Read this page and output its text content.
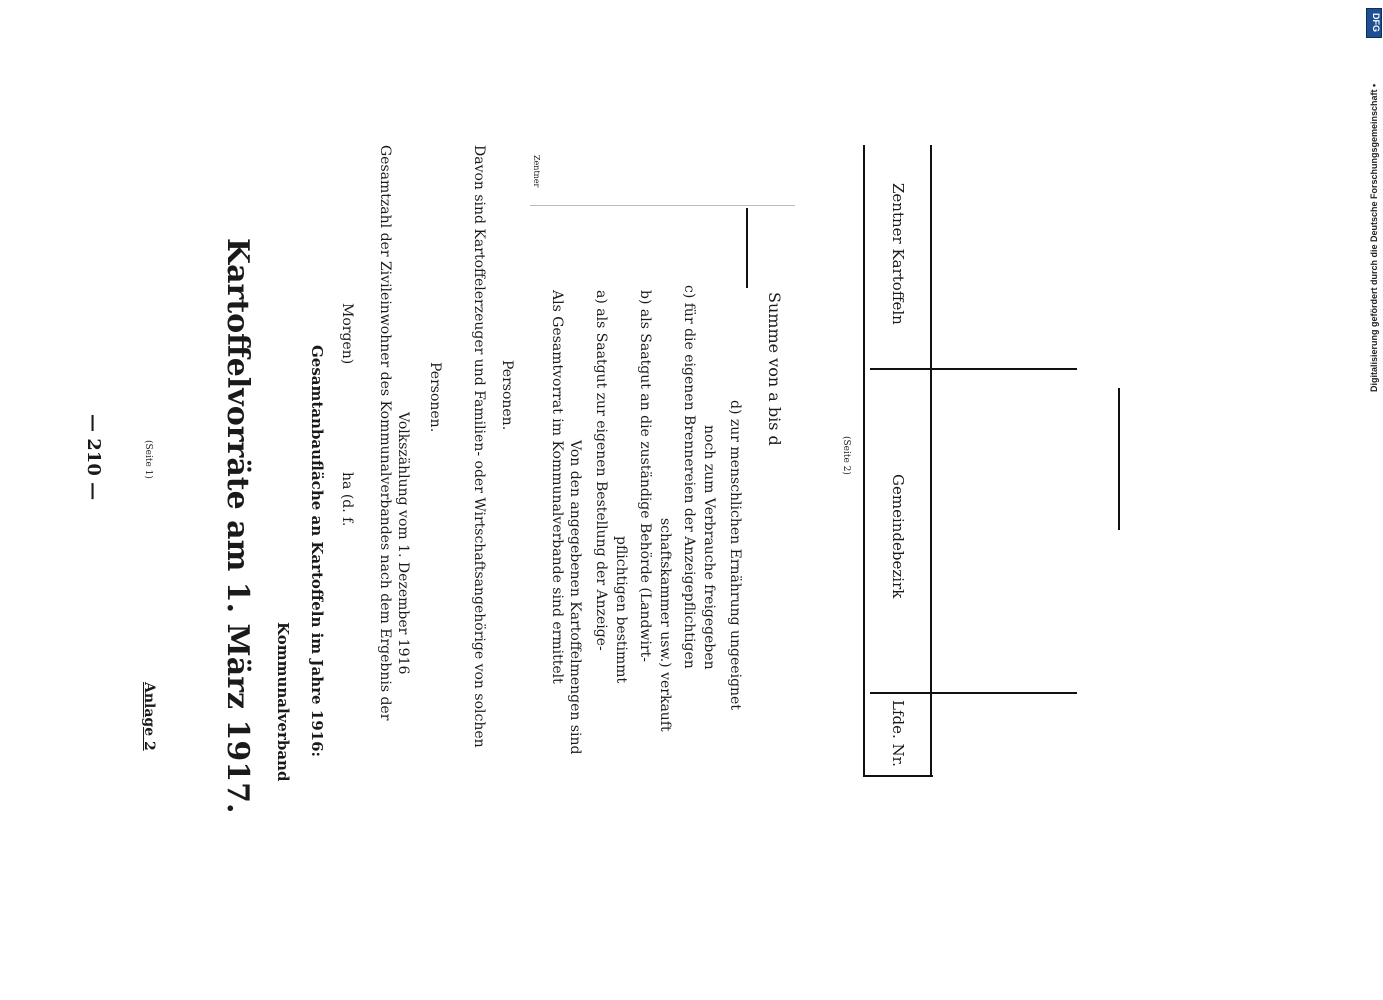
— 210 —	(Seite 1)
Anlage 2 Kartoffelvorräte am 1. März 1917. Kommunalverband Gesamtanbaufläche an Kartoffeln im Jahre 1916: ha (d. f.
Morgen) Gesamtzahl der Zivileinwohner des Kommunalverbandes nach dem Ergebnis der Volkszählung vom 1. Dezember 1916
Personen. Davon sind Kartoffelerzeuger und Familien- oder Wirtschaftsangehörige von solchen Personen.
Zentner
Als Gesamtvorrat im Kommunalverbande sind ermittelt Von den angegebenen Kartoffelmengen sind a) als Saatgut zur eigenen Bestellung der Anzeige- pflichtigen bestimmt b) als Saatgut an die zuständige Behörde (Landwirt- schaftskammer usw.) verkauft c) für die eigenen Brennereien der Anzeigepflichtigen noch zum Verbrauche freigegeben d) zur menschlichen Ernährung ungeeignet
Summe von a bis d
(Seite 2)
Lfde. Nr.
Gemeindebezirk
Zentner Kartoffeln	Digitalisierung gefördert durch die Deutsche Forschungsgemeinschaft •
DFG
